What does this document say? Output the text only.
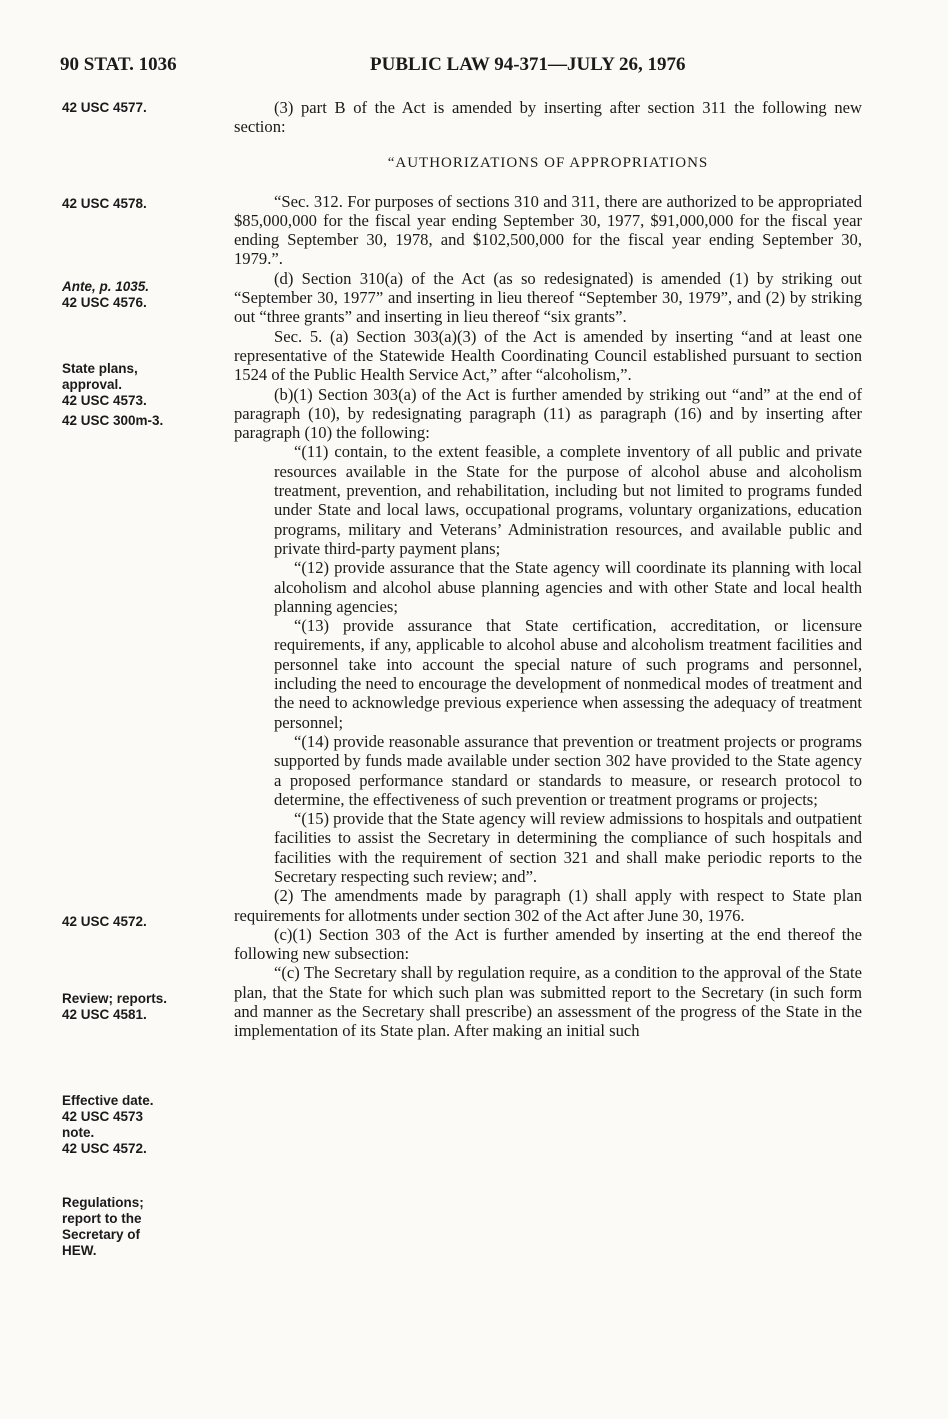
90 STAT. 1036	PUBLIC LAW 94-371—JULY 26, 1976
42 USC 4577.
42 USC 4578.
Ante, p. 1035.
42 USC 4576.
State plans,
approval.
42 USC 4573.
42 USC 300m-3.
42 USC 4572.
Review; reports.
42 USC 4581.
Effective date.
42 USC 4573
note.
42 USC 4572.
Regulations;
report to the
Secretary of
HEW.

(3) part B of the Act is amended by inserting after section 311 the following new section:

“AUTHORIZATIONS OF APPROPRIATIONS

“Sec. 312. For purposes of sections 310 and 311, there are authorized to be appropriated $85,000,000 for the fiscal year ending September 30, 1977, $91,000,000 for the fiscal year ending September 30, 1978, and $102,500,000 for the fiscal year ending September 30, 1979.”.

(d) Section 310(a) of the Act (as so redesignated) is amended (1) by striking out “September 30, 1977” and inserting in lieu thereof “September 30, 1979”, and (2) by striking out “three grants” and inserting in lieu thereof “six grants”.

Sec. 5. (a) Section 303(a)(3) of the Act is amended by inserting “and at least one representative of the Statewide Health Coordinating Council established pursuant to section 1524 of the Public Health Service Act,” after “alcoholism,”.

(b)(1) Section 303(a) of the Act is further amended by striking out “and” at the end of paragraph (10), by redesignating paragraph (11) as paragraph (16) and by inserting after paragraph (10) the following:

“(11) contain, to the extent feasible, a complete inventory of all public and private resources available in the State for the purpose of alcohol abuse and alcoholism treatment, prevention, and rehabilitation, including but not limited to programs funded under State and local laws, occupational programs, voluntary organizations, education programs, military and Veterans’ Administration resources, and available public and private third-party payment plans;

“(12) provide assurance that the State agency will coordinate its planning with local alcoholism and alcohol abuse planning agencies and with other State and local health planning agencies;

“(13) provide assurance that State certification, accreditation, or licensure requirements, if any, applicable to alcohol abuse and alcoholism treatment facilities and personnel take into account the special nature of such programs and personnel, including the need to encourage the development of nonmedical modes of treatment and the need to acknowledge previous experience when assessing the adequacy of treatment personnel;

“(14) provide reasonable assurance that prevention or treatment projects or programs supported by funds made available under section 302 have provided to the State agency a proposed performance standard or standards to measure, or research protocol to determine, the effectiveness of such prevention or treatment programs or projects;

“(15) provide that the State agency will review admissions to hospitals and outpatient facilities to assist the Secretary in determining the compliance of such hospitals and facilities with the requirement of section 321 and shall make periodic reports to the Secretary respecting such review; and”.

(2) The amendments made by paragraph (1) shall apply with respect to State plan requirements for allotments under section 302 of the Act after June 30, 1976.

(c)(1) Section 303 of the Act is further amended by inserting at the end thereof the following new subsection:

“(c) The Secretary shall by regulation require, as a condition to the approval of the State plan, that the State for which such plan was submitted report to the Secretary (in such form and manner as the Secretary shall prescribe) an assessment of the progress of the State in the implementation of its State plan. After making an initial such
